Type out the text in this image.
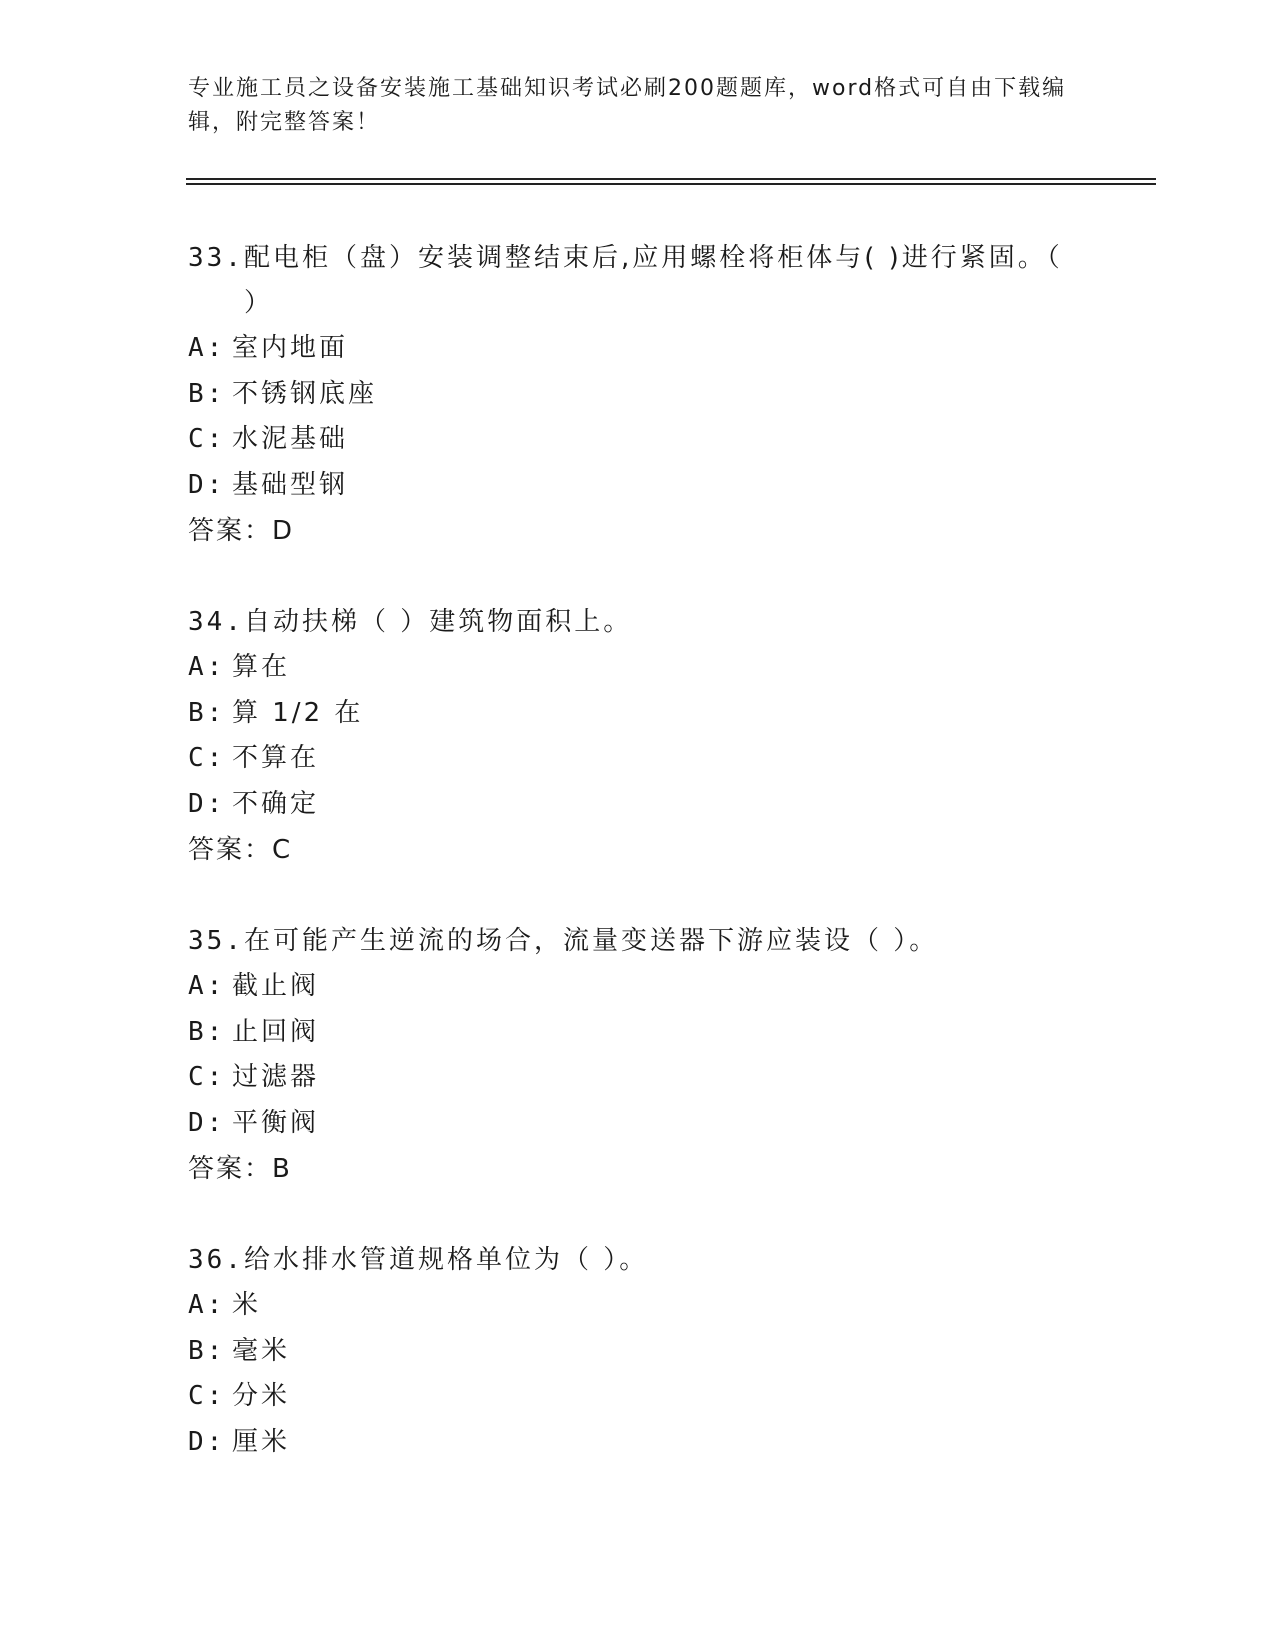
专业施工员之设备安装施工基础知识考试必刷200题题库，word格式可自由下载编辑，附完整答案！
33. 配电柜（盘）安装调整结束后,应用螺栓将柜体与( )进行紧固。（ ）
A: 室内地面
B: 不锈钢底座
C: 水泥基础
D: 基础型钢
答案：D
34. 自动扶梯（ ）建筑物面积上。
A: 算在
B: 算 1/2 在
C: 不算在
D: 不确定
答案：C
35. 在可能产生逆流的场合，流量变送器下游应装设（ ）。
A: 截止阀
B: 止回阀
C: 过滤器
D: 平衡阀
答案：B
36. 给水排水管道规格单位为（ ）。
A: 米
B: 毫米
C: 分米
D: 厘米
